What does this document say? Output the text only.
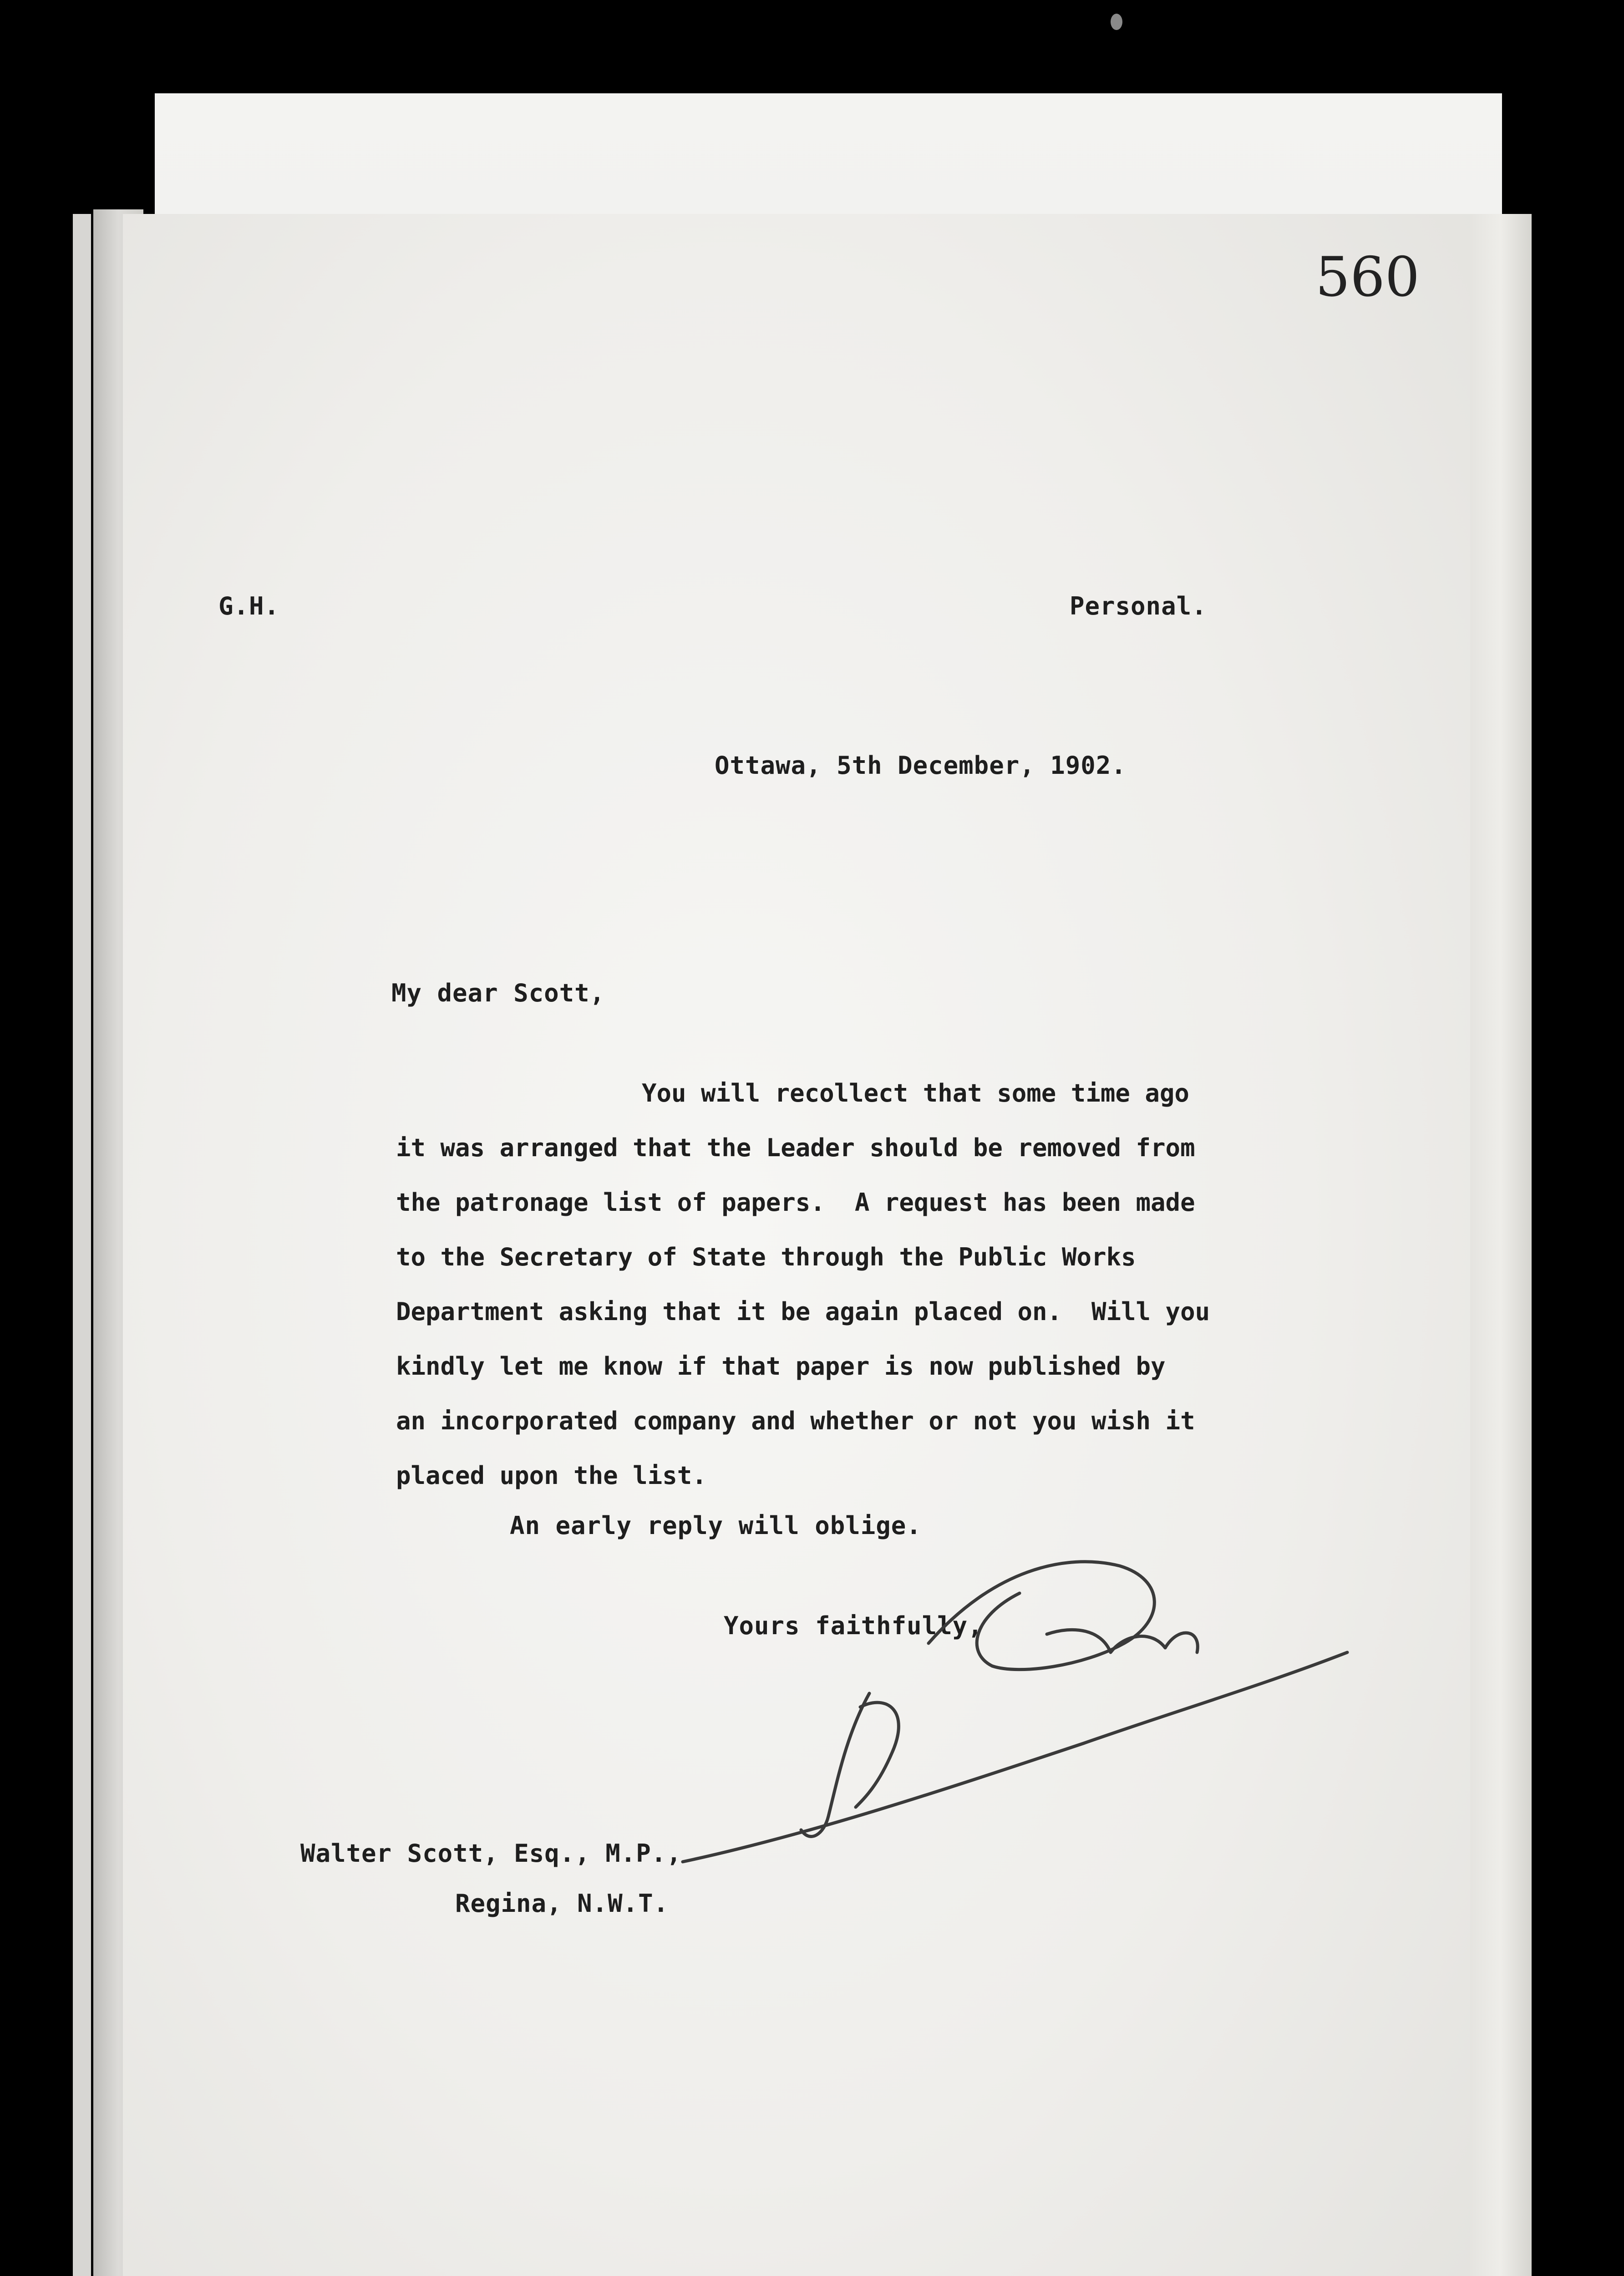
560
G.H.	Personal.
Ottawa, 5th December, 1902.
My dear Scott,
You will recollect that some time ago
it was arranged that the Leader should be removed from
the patronage list of papers.  A request has been made
to the Secretary of State through the Public Works
Department asking that it be again placed on.  Will you
kindly let me know if that paper is now published by
an incorporated company and whether or not you wish it
placed upon the list.
An early reply will oblige.
Yours faithfully,
Walter Scott, Esq., M.P.,
Regina, N.W.T.
